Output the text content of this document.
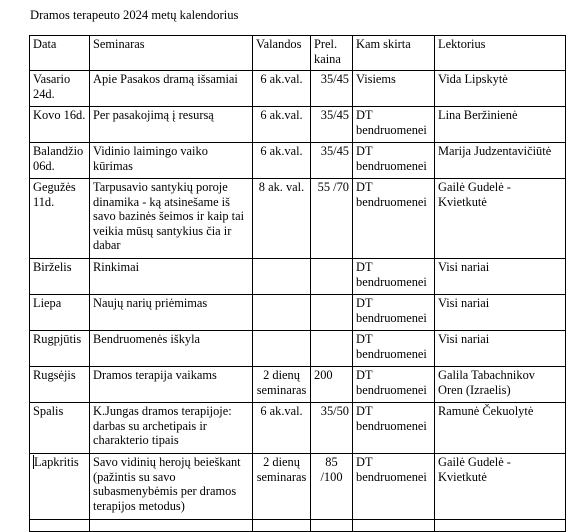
Dramos terapeuto 2024 metų kalendorius
Data	Seminaras	Valandos	Prel. kaina	Kam skirta	Lektorius
Vasario 24d.	Apie Pasakos dramą išsamiai	6 ak.val.	35/45	Visiems	Vida Lipskytė
Kovo 16d.	Per pasakojimą į resursą	6 ak.val.	35/45	DT bendruomenei	Lina Beržinienė
Balandžio 06d.	Vidinio laimingo vaiko kūrimas	6 ak.val.	35/45	DT bendruomenei	Marija Judzentavičiūtė
Gegužės 11d.	Tarpusavio santykių poroje dinamika - ką atsinešame iš savo bazinės šeimos ir kaip tai veikia mūsų santykius čia ir dabar	8 ak. val.	55 /70	DT bendruomenei	Gailė Gudelė - Kvietkutė
Birželis	Rinkimai			DT bendruomenei	Visi nariai
Liepa	Naujų narių priėmimas			DT bendruomenei	Visi nariai
Rugpjūtis	Bendruomenės iškyla			DT bendruomenei	Visi nariai
Rugsėjis	Dramos terapija vaikams	2 dienų seminaras	200	DT bendruomenei	Galila Tabachnikov Oren (Izraelis)
Spalis	K.Jungas dramos terapijoje: darbas su archetipais ir charakterio tipais	6 ak.val.	35/50	DT bendruomenei	Ramunė Čekuolytė
Lapkritis	Savo vidinių herojų beieškant (pažintis su savo subasmenybėmis per dramos terapijos metodus)	2 dienų seminaras	85 /100	DT bendruomenei	Gailė Gudelė - Kvietkutė
